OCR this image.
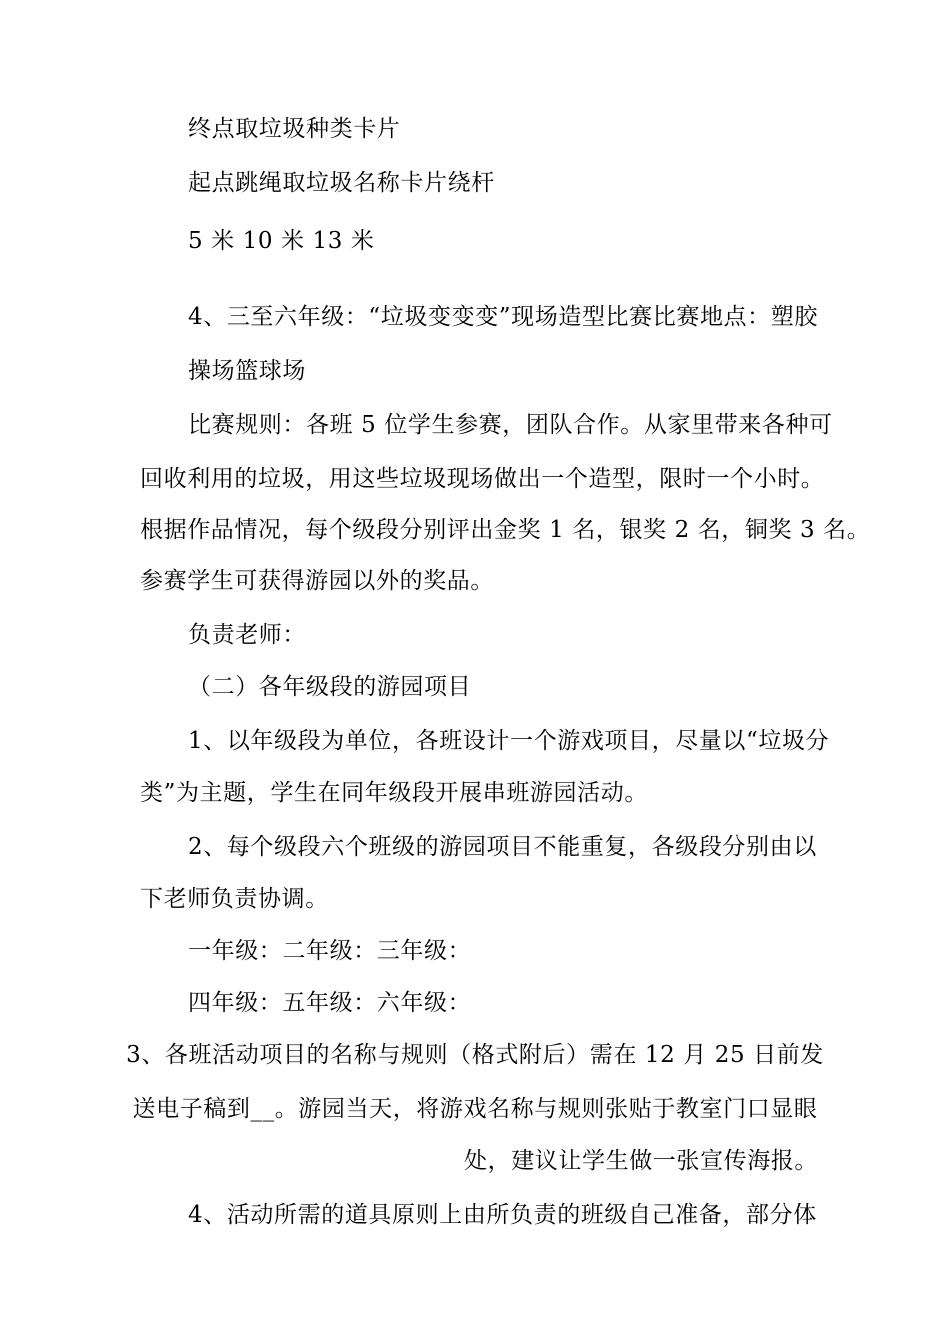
终点取垃圾种类卡片
起点跳绳取垃圾名称卡片绕杆
5 米 10 米 13 米
4、三至六年级：“垃圾变变变”现场造型比赛比赛地点：塑胶
操场篮球场
比赛规则：各班 5 位学生参赛，团队合作。从家里带来各种可
回收利用的垃圾，用这些垃圾现场做出一个造型，限时一个小时。
根据作品情况，每个级段分别评出金奖 1 名，银奖 2 名，铜奖 3 名。
参赛学生可获得游园以外的奖品。
负责老师：
（二）各年级段的游园项目
1、以年级段为单位，各班设计一个游戏项目，尽量以“垃圾分
类”为主题，学生在同年级段开展串班游园活动。
2、每个级段六个班级的游园项目不能重复，各级段分别由以
下老师负责协调。
一年级：二年级：三年级：
四年级：五年级：六年级：
3、各班活动项目的名称与规则（格式附后）需在 12 月 25 日前发
送电子稿到__。游园当天，将游戏名称与规则张贴于教室门口显眼
处，建议让学生做一张宣传海报。
4、活动所需的道具原则上由所负责的班级自己准备，部分体
